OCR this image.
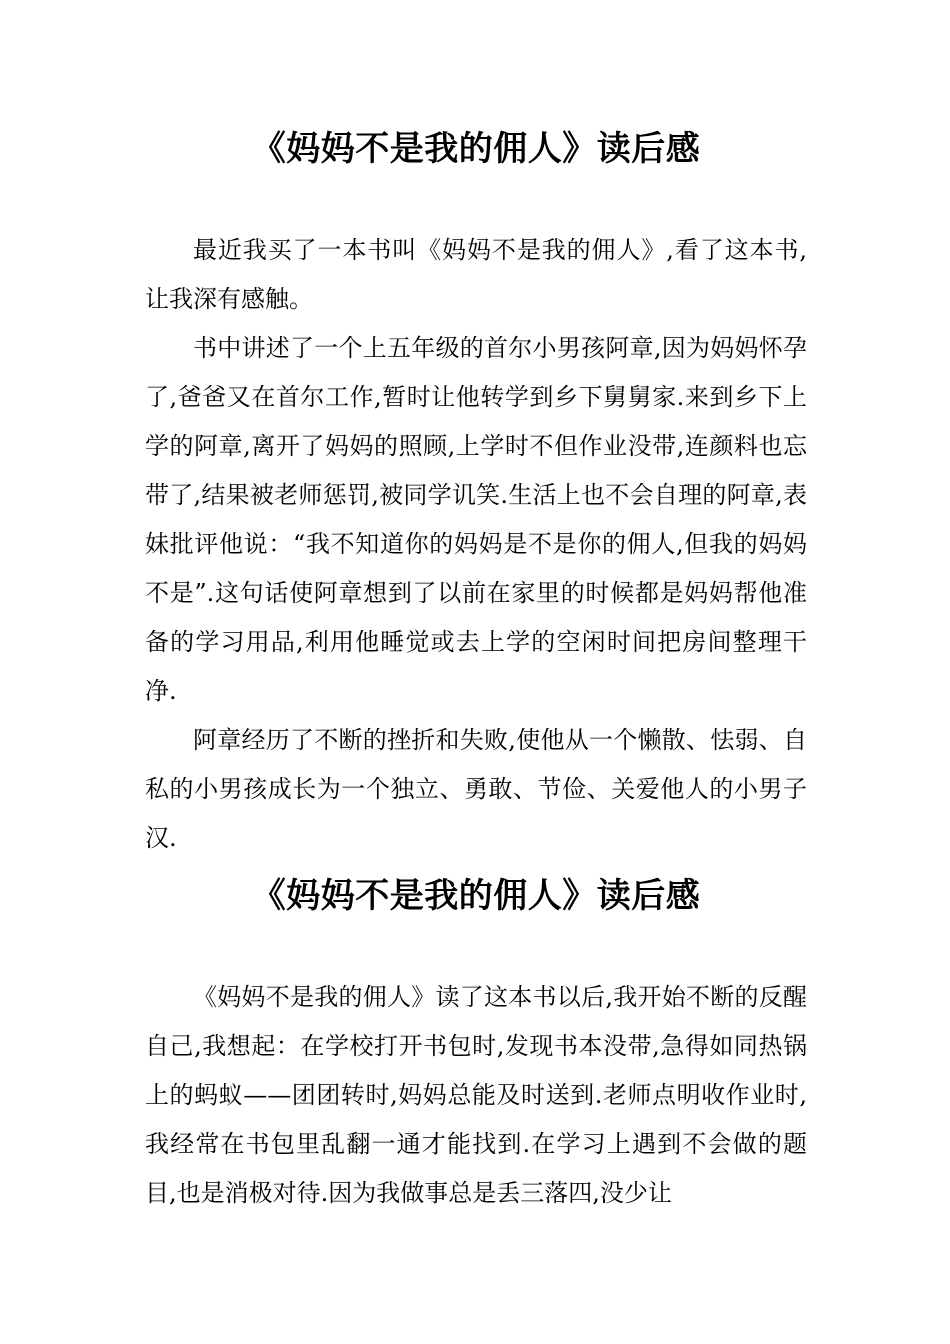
《妈妈不是我的佣人》读后感

最近我买了一本书叫《妈妈不是我的佣人》,看了这本书,让我深有感触。

书中讲述了一个上五年级的首尔小男孩阿章,因为妈妈怀孕了,爸爸又在首尔工作,暂时让他转学到乡下舅舅家.来到乡下上学的阿章,离开了妈妈的照顾,上学时不但作业没带,连颜料也忘带了,结果被老师惩罚,被同学讥笑.生活上也不会自理的阿章,表妹批评他说：“我不知道你的妈妈是不是你的佣人,但我的妈妈不是”.这句话使阿章想到了以前在家里的时候都是妈妈帮他准备的学习用品,利用他睡觉或去上学的空闲时间把房间整理干净.

阿章经历了不断的挫折和失败,使他从一个懒散、怯弱、自私的小男孩成长为一个独立、勇敢、节俭、关爱他人的小男子汉.

《妈妈不是我的佣人》读后感

《妈妈不是我的佣人》读了这本书以后,我开始不断的反醒自己,我想起：在学校打开书包时,发现书本没带,急得如同热锅上的蚂蚁——团团转时,妈妈总能及时送到.老师点明收作业时,我经常在书包里乱翻一通才能找到.在学习上遇到不会做的题目,也是消极对待.因为我做事总是丢三落四,没少让
